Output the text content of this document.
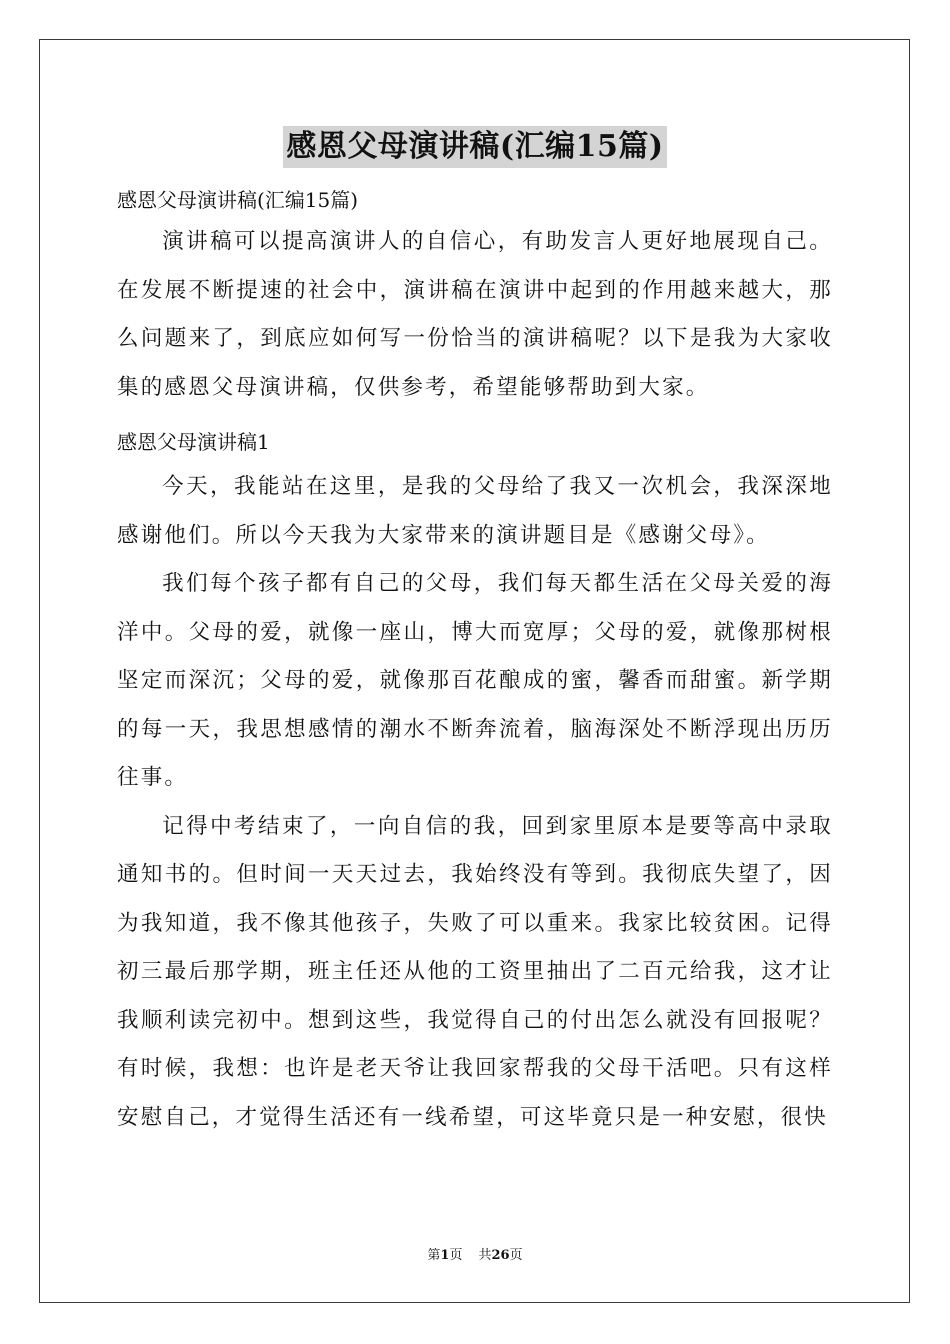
感恩父母演讲稿(汇编15篇)
感恩父母演讲稿(汇编15篇)

演讲稿可以提高演讲人的自信心，有助发言人更好地展现自己。在发展不断提速的社会中，演讲稿在演讲中起到的作用越来越大，那么问题来了，到底应如何写一份恰当的演讲稿呢？以下是我为大家收集的感恩父母演讲稿，仅供参考，希望能够帮助到大家。

感恩父母演讲稿1

今天，我能站在这里，是我的父母给了我又一次机会，我深深地感谢他们。所以今天我为大家带来的演讲题目是《感谢父母》。

我们每个孩子都有自己的父母，我们每天都生活在父母关爱的海洋中。父母的爱，就像一座山，博大而宽厚；父母的爱，就像那树根坚定而深沉；父母的爱，就像那百花酿成的蜜，馨香而甜蜜。新学期的每一天，我思想感情的潮水不断奔流着，脑海深处不断浮现出历历往事。

记得中考结束了，一向自信的我，回到家里原本是要等高中录取通知书的。但时间一天天过去，我始终没有等到。我彻底失望了，因为我知道，我不像其他孩子，失败了可以重来。我家比较贫困。记得初三最后那学期，班主任还从他的工资里抽出了二百元给我，这才让我顺利读完初中。想到这些，我觉得自己的付出怎么就没有回报呢？有时候，我想：也许是老天爷让我回家帮我的父母干活吧。只有这样安慰自己，才觉得生活还有一线希望，可这毕竟只是一种安慰，很快

第1页 共26页
